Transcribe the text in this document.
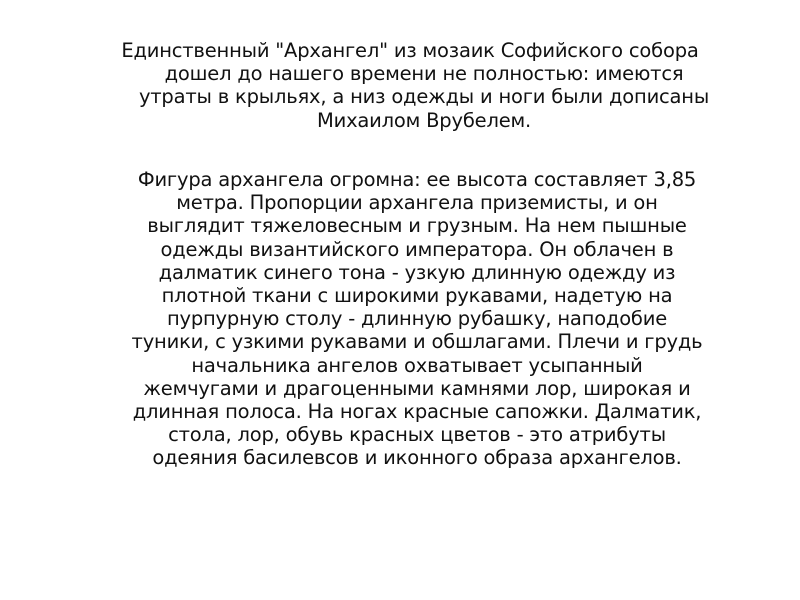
Единственный "Архангел" из мозаик Софийского собора
дошел до нашего времени не полностью: имеются
утраты в крыльях, а низ одежды и ноги были дописаны
Михаилом Врубелем.
Фигура архангела огромна: ее высота составляет 3,85
метра. Пропорции архангела приземисты, и он
выглядит тяжеловесным и грузным. На нем пышные
одежды византийского императора. Он облачен в
далматик синего тона - узкую длинную одежду из
плотной ткани с широкими рукавами, надетую на
пурпурную столу - длинную рубашку, наподобие
туники, с узкими рукавами и обшлагами. Плечи и грудь
начальника ангелов охватывает усыпанный
жемчугами и драгоценными камнями лор, широкая и
длинная полоса. На ногах красные сапожки. Далматик,
стола, лор, обувь красных цветов - это атрибуты
одеяния басилевсов и иконного образа архангелов.
